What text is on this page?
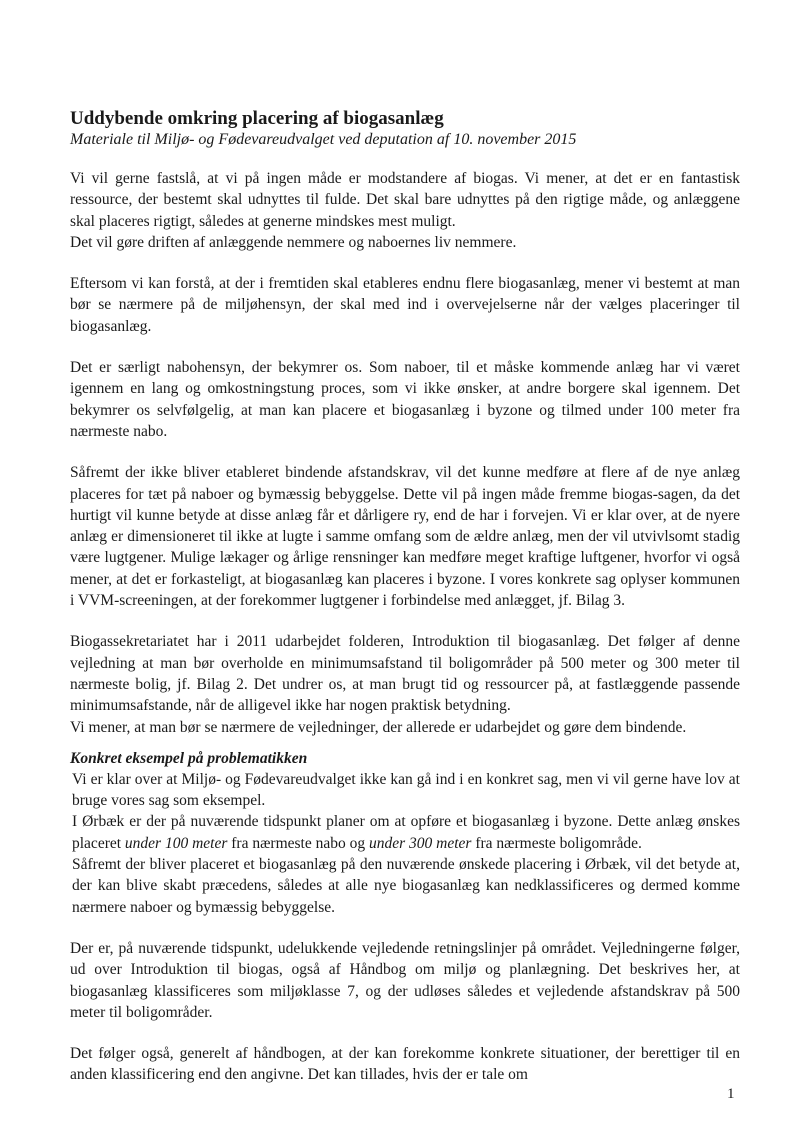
Uddybende omkring placering af biogasanlæg

Materiale til Miljø- og Fødevareudvalget ved deputation af 10. november 2015

Vi vil gerne fastslå, at vi på ingen måde er modstandere af biogas. Vi mener, at det er en fantastisk ressource, der bestemt skal udnyttes til fulde. Det skal bare udnyttes på den rigtige måde, og anlæggene skal placeres rigtigt, således at generne mindskes mest muligt.

Det vil gøre driften af anlæggende nemmere og naboernes liv nemmere.

Eftersom vi kan forstå, at der i fremtiden skal etableres endnu flere biogasanlæg, mener vi bestemt at man bør se nærmere på de miljøhensyn, der skal med ind i overvejelserne når der vælges placeringer til biogasanlæg.

Det er særligt nabohensyn, der bekymrer os. Som naboer, til et måske kommende anlæg har vi været igennem en lang og omkostningstung proces, som vi ikke ønsker, at andre borgere skal igennem. Det bekymrer os selvfølgelig, at man kan placere et biogasanlæg i byzone og tilmed under 100 meter fra nærmeste nabo.

Såfremt der ikke bliver etableret bindende afstandskrav, vil det kunne medføre at flere af de nye anlæg placeres for tæt på naboer og bymæssig bebyggelse. Dette vil på ingen måde fremme biogas-sagen, da det hurtigt vil kunne betyde at disse anlæg får et dårligere ry, end de har i forvejen. Vi er klar over, at de nyere anlæg er dimensioneret til ikke at lugte i samme omfang som de ældre anlæg, men der vil utvivlsomt stadig være lugtgener. Mulige lækager og årlige rensninger kan medføre meget kraftige luftgener, hvorfor vi også mener, at det er forkasteligt, at biogasanlæg kan placeres i byzone. I vores konkrete sag oplyser kommunen i VVM-screeningen, at der forekommer lugtgener i forbindelse med anlægget, jf. Bilag 3.

Biogassekretariatet har i 2011 udarbejdet folderen, Introduktion til biogasanlæg. Det følger af denne vejledning at man bør overholde en minimumsafstand til boligområder på 500 meter og 300 meter til nærmeste bolig, jf. Bilag 2. Det undrer os, at man brugt tid og ressourcer på, at fastlæggende passende minimumsafstande, når de alligevel ikke har nogen praktisk betydning.

Vi mener, at man bør se nærmere de vejledninger, der allerede er udarbejdet og gøre dem bindende.

Konkret eksempel på problematikken

Vi er klar over at Miljø- og Fødevareudvalget ikke kan gå ind i en konkret sag, men vi vil gerne have lov at bruge vores sag som eksempel.

I Ørbæk er der på nuværende tidspunkt planer om at opføre et biogasanlæg i byzone. Dette anlæg ønskes placeret under 100 meter fra nærmeste nabo og under 300 meter fra nærmeste boligområde.

Såfremt der bliver placeret et biogasanlæg på den nuværende ønskede placering i Ørbæk, vil det betyde at, der kan blive skabt præcedens, således at alle nye biogasanlæg kan nedklassificeres og dermed komme nærmere naboer og bymæssig bebyggelse.

Der er, på nuværende tidspunkt, udelukkende vejledende retningslinjer på området. Vejledningerne følger, ud over Introduktion til biogas, også af Håndbog om miljø og planlægning. Det beskrives her, at biogasanlæg klassificeres som miljøklasse 7, og der udløses således et vejledende afstandskrav på 500 meter til boligområder.

Det følger også, generelt af håndbogen, at der kan forekomme konkrete situationer, der berettiger til en anden klassificering end den angivne. Det kan tillades, hvis der er tale om

1
